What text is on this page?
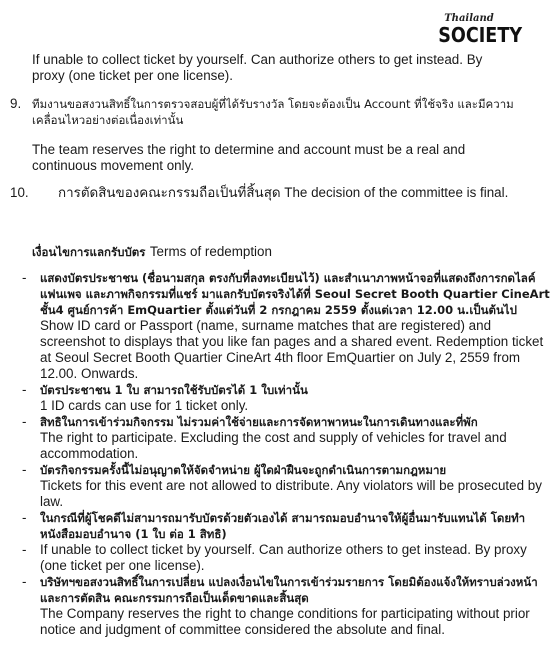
Thailand
SOCIETY

If unable to collect ticket by yourself. Can authorize others to get instead. By proxy (one ticket per one license).

9. ทีมงานขอสงวนสิทธิ์ในการตรวจสอบผู้ที่ได้รับรางวัล โดยจะต้องเป็น Account ที่ใช้จริง และมีความเคลื่อนไหวอย่างต่อเนื่องเท่านั้น

The team reserves the right to determine and account must be a real and continuous movement only.

10. การตัดสินของคณะกรรมถือเป็นที่สิ้นสุด The decision of the committee is final.
เงื่อนไขการแลกรับบัตร Terms of redemption
- แสดงบัตรประชาชน (ชื่อนามสกุล ตรงกับที่ลงทะเบียนไว้) และสำเนาภาพหน้าจอที่แสดงถึงการกดไลค์แฟนเพจ และภาพกิจกรรมที่แชร์ มาแลกรับบัตรจริงได้ที่ Seoul Secret Booth Quartier CineArt ชั้น4 ศูนย์การค้า EmQuartier ตั้งแต่วันที่ 2 กรกฎาคม 2559 ตั้งแต่เวลา 12.00 น.เป็นต้นไป
Show ID card or Passport (name, surname matches that are registered) and screenshot to displays that you like fan pages and a shared event. Redemption ticket at Seoul Secret Booth Quartier CineArt 4th floor EmQuartier on July 2, 2559 from 12.00. Onwards.
- บัตรประชาชน 1 ใบ สามารถใช้รับบัตรได้ 1 ใบเท่านั้น
1 ID cards can use for 1 ticket only.
- สิทธิในการเข้าร่วมกิจกรรม ไม่รวมค่าใช้จ่ายและการจัดหาพาหนะในการเดินทางและที่พัก
The right to participate. Excluding the cost and supply of vehicles for travel and accommodation.
- บัตรกิจกรรมครั้งนี้ไม่อนุญาตให้จัดจำหน่าย ผู้ใดฝ่าฝืนจะถูกดำเนินการตามกฎหมาย
Tickets for this event are not allowed to distribute. Any violators will be prosecuted by law.
- ในกรณีที่ผู้โชคดีไม่สามารถมารับบัตรด้วยตัวเองได้ สามารถมอบอำนาจให้ผู้อื่นมารับแทนได้ โดยทำหนังสือมอบอำนาจ (1 ใบ ต่อ 1 สิทธิ)
- If unable to collect ticket by yourself. Can authorize others to get instead. By proxy (one ticket per one license).
- บริษัทฯขอสงวนสิทธิ์ในการเปลี่ยน แปลงเงื่อนไขในการเข้าร่วมรายการ โดยมิต้องแจ้งให้ทราบล่วงหน้าและการตัดสิน คณะกรรมการถือเป็นเด็ดขาดและสิ้นสุด
The Company reserves the right to change conditions for participating without prior notice and judgment of committee considered the absolute and final.
